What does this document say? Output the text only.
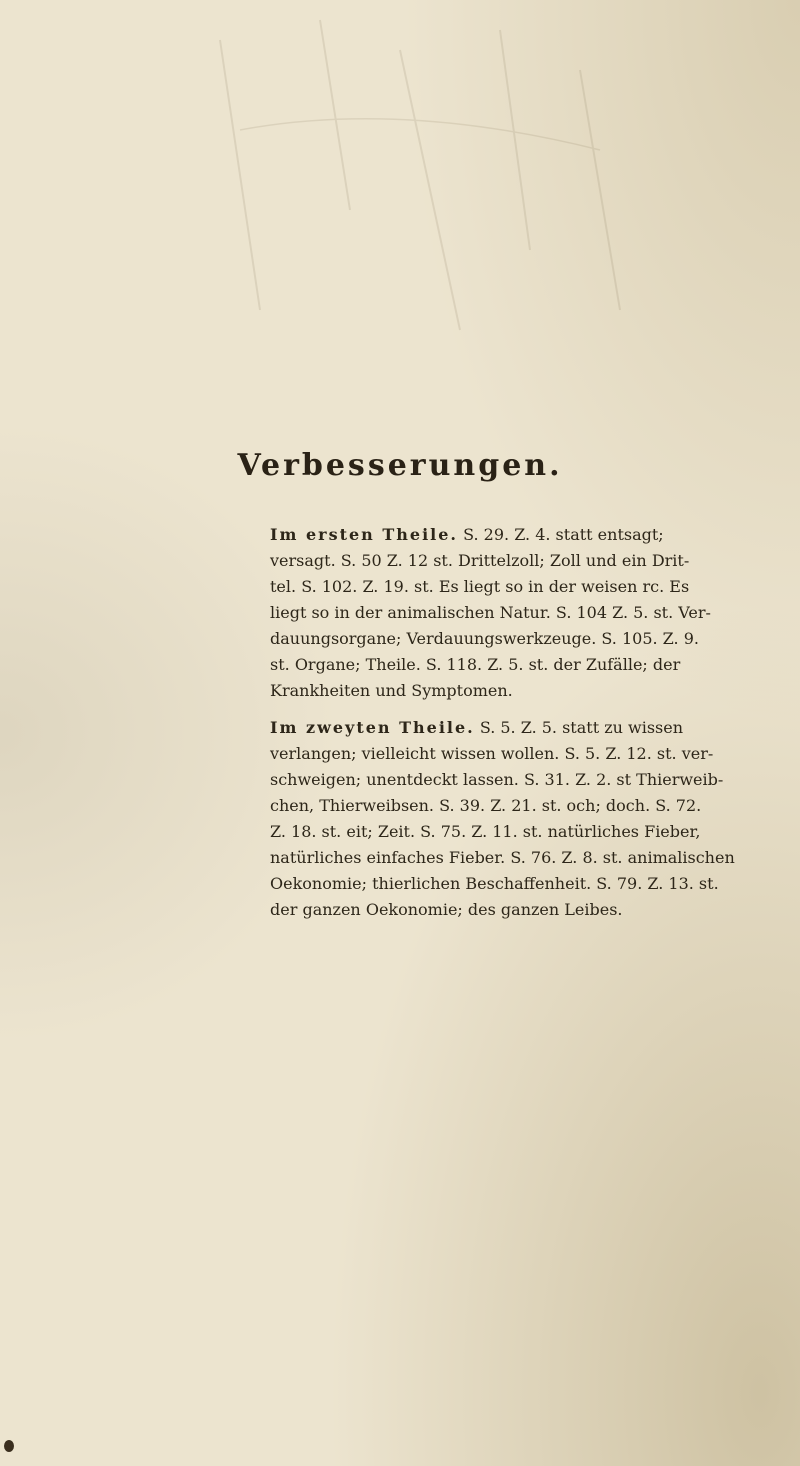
Verbesserungen.
Im ersten Theile. S. 29. Z. 4. statt entsagt;
versagt. S. 50 Z. 12 st. Drittelzoll; Zoll und ein Drit-
tel. S. 102. Z. 19. st. Es liegt so in der weisen rc. Es
liegt so in der animalischen Natur. S. 104 Z. 5. st. Ver-
dauungsorgane; Verdauungswerkzeuge. S. 105. Z. 9.
st. Organe; Theile. S. 118. Z. 5. st. der Zufälle; der
Krankheiten und Symptomen.
Im zweyten Theile. S. 5. Z. 5. statt zu wissen
verlangen; vielleicht wissen wollen. S. 5. Z. 12. st. ver-
schweigen; unentdeckt lassen. S. 31. Z. 2. st Thierweib-
chen, Thierweibsen. S. 39. Z. 21. st. och; doch. S. 72.
Z. 18. st. eit; Zeit. S. 75. Z. 11. st. natürliches Fieber,
natürliches einfaches Fieber. S. 76. Z. 8. st. animalischen
Oekonomie; thierlichen Beschaffenheit. S. 79. Z. 13. st.
der ganzen Oekonomie; des ganzen Leibes.
